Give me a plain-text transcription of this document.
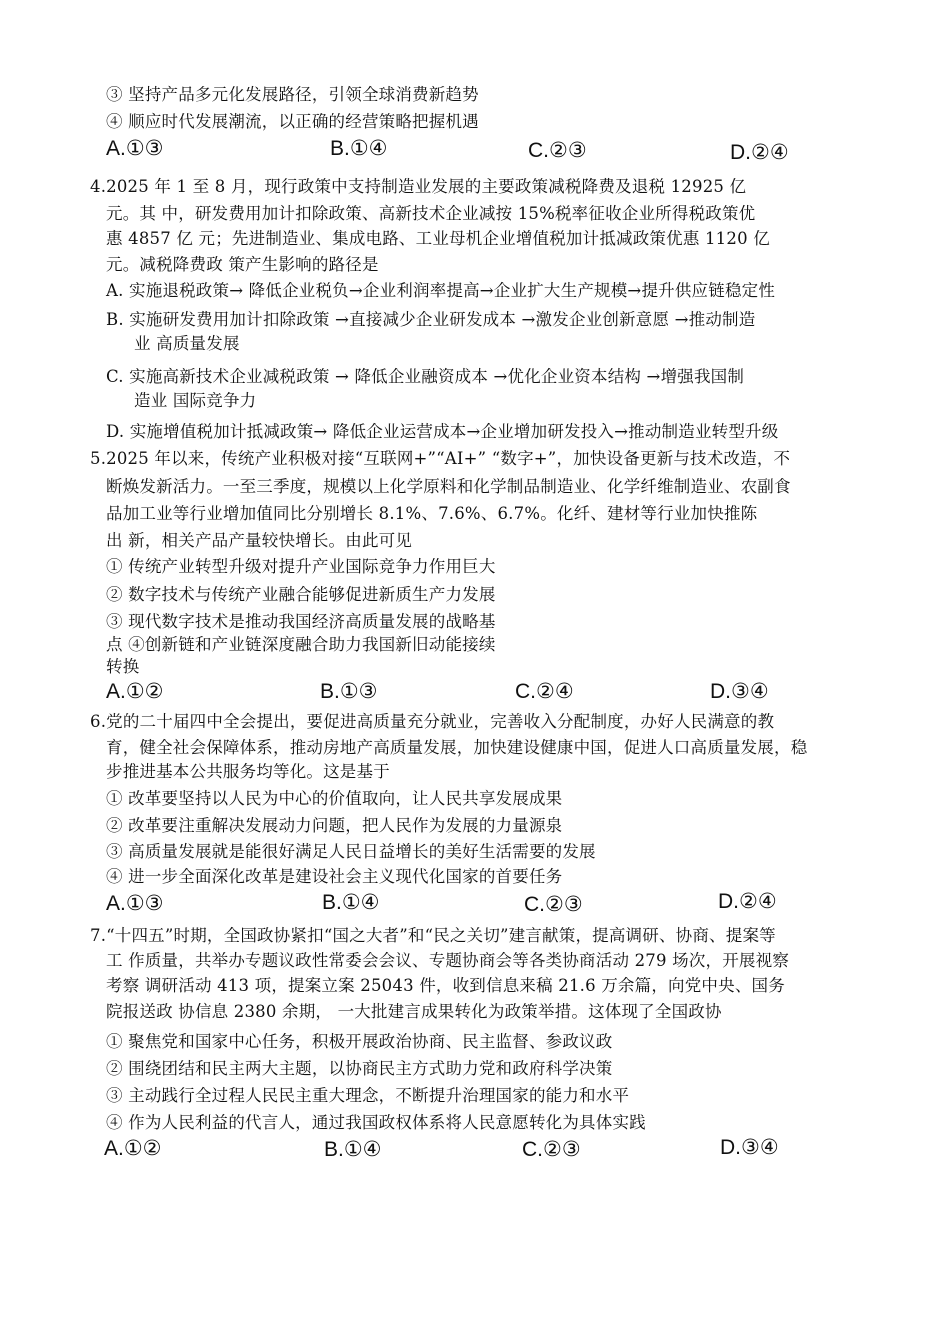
③ 坚持产品多元化发展路径，引领全球消费新趋势
④ 顺应时代发展潮流，以正确的经营策略把握机遇
A.①③	B.①④	C.②③	D.②④
4.2025 年 1 至 8 月，现行政策中支持制造业发展的主要政策减税降费及退税 12925 亿
元。其 中，研发费用加计扣除政策、高新技术企业减按 15%税率征收企业所得税政策优
惠 4857 亿 元；先进制造业、集成电路、工业母机企业增值税加计抵减政策优惠 1120 亿
元。减税降费政 策产生影响的路径是
A. 实施退税政策→ 降低企业税负→企业利润率提高→企业扩大生产规模→提升供应链稳定性
B. 实施研发费用加计扣除政策 →直接减少企业研发成本 →激发企业创新意愿 →推动制造
业 高质量发展
C. 实施高新技术企业减税政策 → 降低企业融资成本 →优化企业资本结构 →增强我国制
造业 国际竞争力
D. 实施增值税加计抵减政策→ 降低企业运营成本→企业增加研发投入→推动制造业转型升级
5.2025 年以来，传统产业积极对接“互联网+”“AI+” “数字+”，加快设备更新与技术改造，不
断焕发新活力。一至三季度，规模以上化学原料和化学制品制造业、化学纤维制造业、农副食
品加工业等行业增加值同比分别增长 8.1%、7.6%、6.7%。化纤、建材等行业加快推陈
出 新，相关产品产量较快增长。由此可见
① 传统产业转型升级对提升产业国际竞争力作用巨大
② 数字技术与传统产业融合能够促进新质生产力发展
③ 现代数字技术是推动我国经济高质量发展的战略基
点 ④创新链和产业链深度融合助力我国新旧动能接续
转换
A.①②	B.①③	C.②④	D.③④
6.党的二十届四中全会提出，要促进高质量充分就业，完善收入分配制度，办好人民满意的教
育，健全社会保障体系，推动房地产高质量发展，加快建设健康中国，促进人口高质量发展，稳
步推进基本公共服务均等化。这是基于
① 改革要坚持以人民为中心的价值取向，让人民共享发展成果
② 改革要注重解决发展动力问题，把人民作为发展的力量源泉
③ 高质量发展就是能很好满足人民日益增长的美好生活需要的发展
④ 进一步全面深化改革是建设社会主义现代化国家的首要任务
A.①③	B.①④	C.②③	D.②④
7.“十四五”时期，全国政协紧扣“国之大者”和“民之关切”建言献策，提高调研、协商、提案等
工 作质量，共举办专题议政性常委会会议、专题协商会等各类协商活动 279 场次，开展视察
考察 调研活动 413 项，提案立案 25043 件，收到信息来稿 21.6 万余篇，向党中央、国务
院报送政 协信息 2380 余期， 一大批建言成果转化为政策举措。这体现了全国政协
① 聚焦党和国家中心任务，积极开展政治协商、民主监督、参政议政
② 围绕团结和民主两大主题，以协商民主方式助力党和政府科学决策
③ 主动践行全过程人民民主重大理念，不断提升治理国家的能力和水平
④ 作为人民利益的代言人，通过我国政权体系将人民意愿转化为具体实践
A.①②	B.①④	C.②③	D.③④
